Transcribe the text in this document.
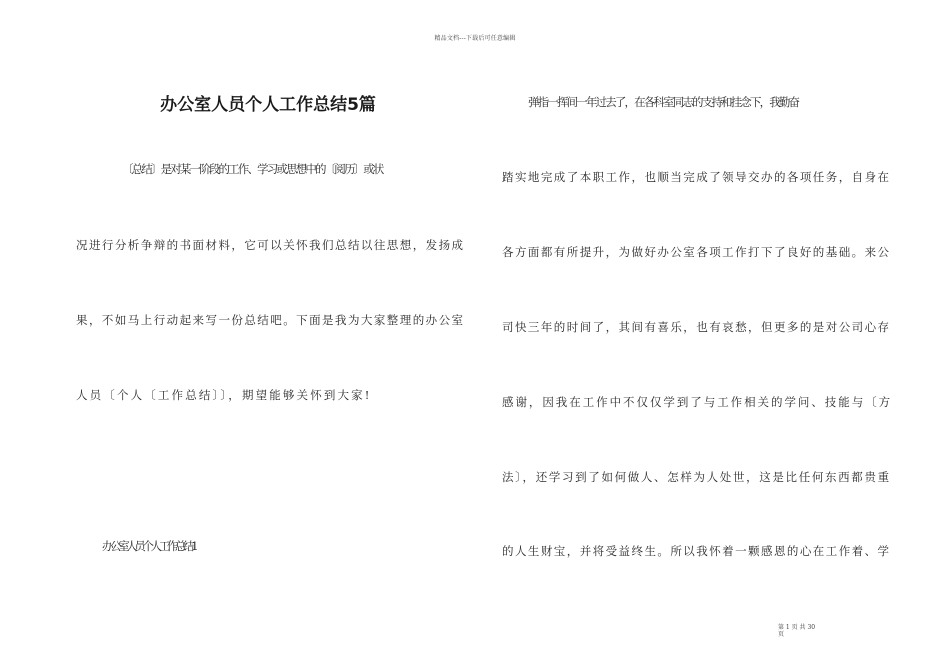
精品文档---下载后可任意编辑
办公室人员个人工作总结5篇
〔总结〕是对某一阶段的工作、学习或思想中的〔阅历〕或状
况进行分析争辩的书面材料，它可以关怀我们总结以往思想，发扬成
果，不如马上行动起来写一份总结吧。下面是我为大家整理的办公室
人员〔个人〔工作总结〕〕，期望能够关怀到大家!
办公室人员个人工作总结1
弹指一挥间一年过去了，在各科室同志的支持和挂念下，我勤奋
踏实地完成了本职工作，也顺当完成了领导交办的各项任务，自身在
各方面都有所提升，为做好办公室各项工作打下了良好的基础。来公
司快三年的时间了，其间有喜乐，也有哀愁，但更多的是对公司心存
感谢，因我在工作中不仅仅学到了与工作相关的学问、技能与〔方
法〕，还学习到了如何做人、怎样为人处世，这是比任何东西都贵重
的人生财宝，并将受益终生。所以我怀着一颗感恩的心在工作着、学
第 1 页 共 30
页
